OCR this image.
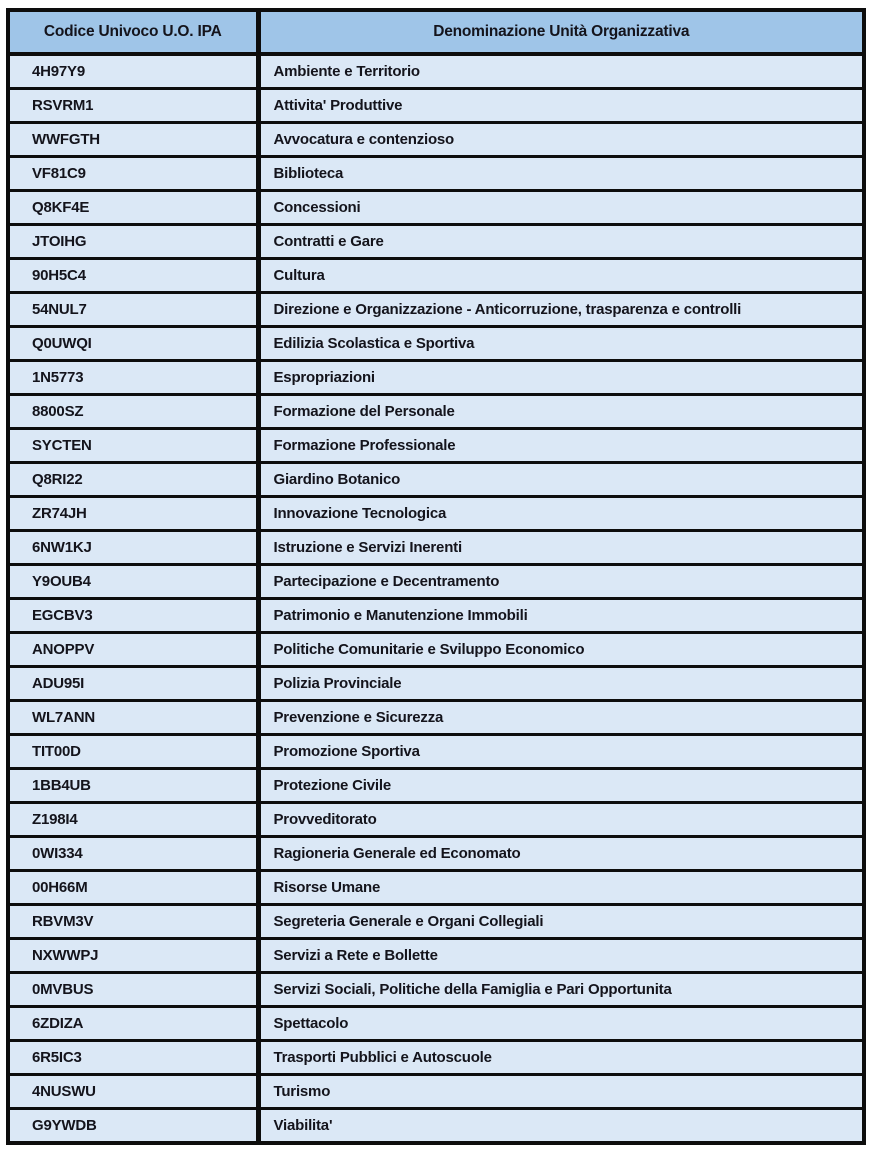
Codice Univoco U.O. IPA	Denominazione Unità Organizzativa
4H97Y9	Ambiente e Territorio
RSVRM1	Attivita' Produttive
WWFGTH	Avvocatura e contenzioso
VF81C9	Biblioteca
Q8KF4E	Concessioni
JTOIHG	Contratti e Gare
90H5C4	Cultura
54NUL7	Direzione e Organizzazione - Anticorruzione, trasparenza e controlli
Q0UWQI	Edilizia Scolastica e Sportiva
1N5773	Espropriazioni
8800SZ	Formazione del Personale
SYCTEN	Formazione Professionale
Q8RI22	Giardino Botanico
ZR74JH	Innovazione Tecnologica
6NW1KJ	Istruzione e Servizi Inerenti
Y9OUB4	Partecipazione e Decentramento
EGCBV3	Patrimonio e Manutenzione Immobili
ANOPPV	Politiche Comunitarie e Sviluppo Economico
ADU95I	Polizia Provinciale
WL7ANN	Prevenzione e Sicurezza
TIT00D	Promozione Sportiva
1BB4UB	Protezione Civile
Z198I4	Provveditorato
0WI334	Ragioneria Generale ed Economato
00H66M	Risorse Umane
RBVM3V	Segreteria Generale e Organi Collegiali
NXWWPJ	Servizi a Rete e Bollette
0MVBUS	Servizi Sociali, Politiche della Famiglia e Pari Opportunita
6ZDIZA	Spettacolo
6R5IC3	Trasporti Pubblici e Autoscuole
4NUSWU	Turismo
G9YWDB	Viabilita'
